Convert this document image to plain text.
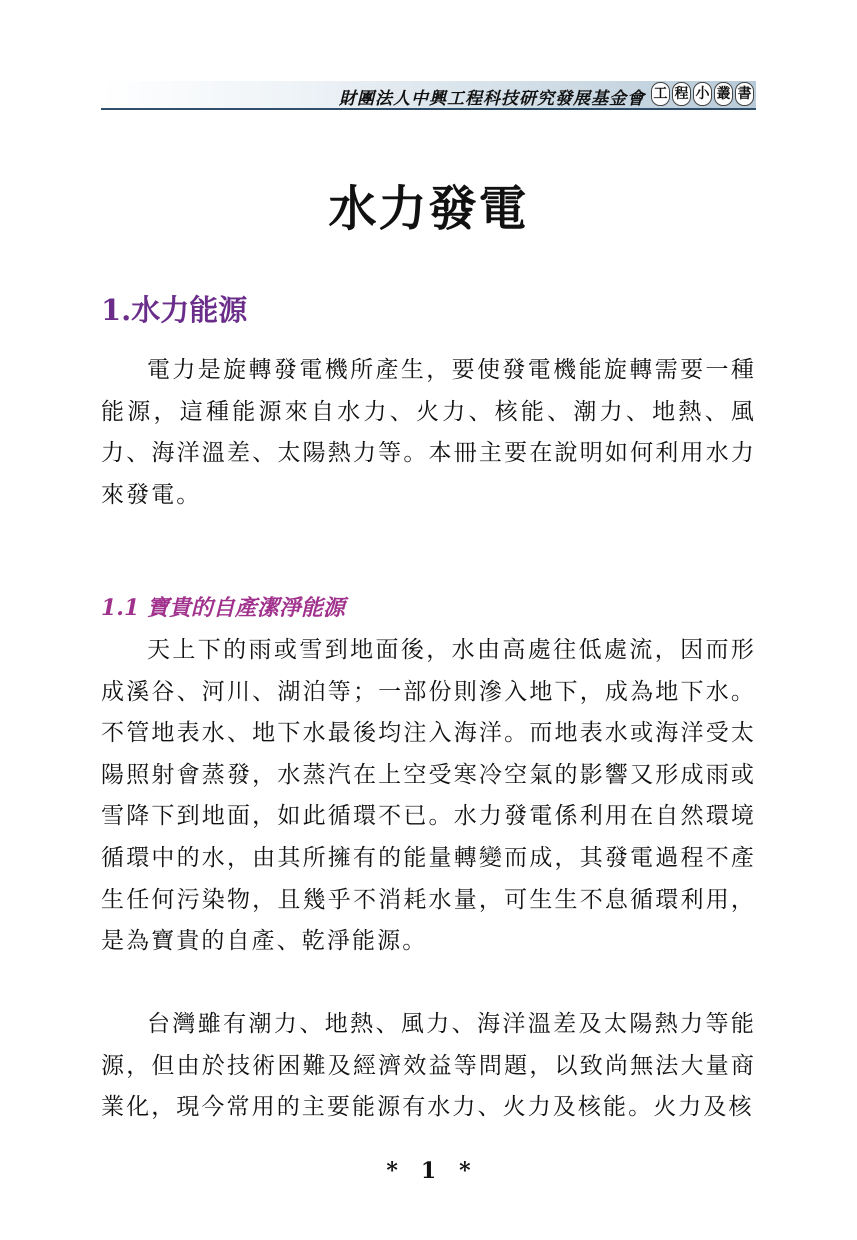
財團法人中興工程科技研究發展基金會 工 程 小 叢 書
水力發電
1.水力能源

電力是旋轉發電機所產生，要使發電機能旋轉需要一種能源，這種能源來自水力、火力、核能、潮力、地熱、風力、海洋溫差、太陽熱力等。本冊主要在說明如何利用水力來發電。

1.1 寶貴的自產潔淨能源

天上下的雨或雪到地面後，水由高處往低處流，因而形成溪谷、河川、湖泊等；一部份則滲入地下，成為地下水。不管地表水、地下水最後均注入海洋。而地表水或海洋受太陽照射會蒸發，水蒸汽在上空受寒冷空氣的影響又形成雨或雪降下到地面，如此循環不已。水力發電係利用在自然環境循環中的水，由其所擁有的能量轉變而成，其發電過程不產生任何污染物，且幾乎不消耗水量，可生生不息循環利用，是為寶貴的自產、乾淨能源。

台灣雖有潮力、地熱、風力、海洋溫差及太陽熱力等能源，但由於技術困難及經濟效益等問題，以致尚無法大量商業化，現今常用的主要能源有水力、火力及核能。火力及核

*   1   *
